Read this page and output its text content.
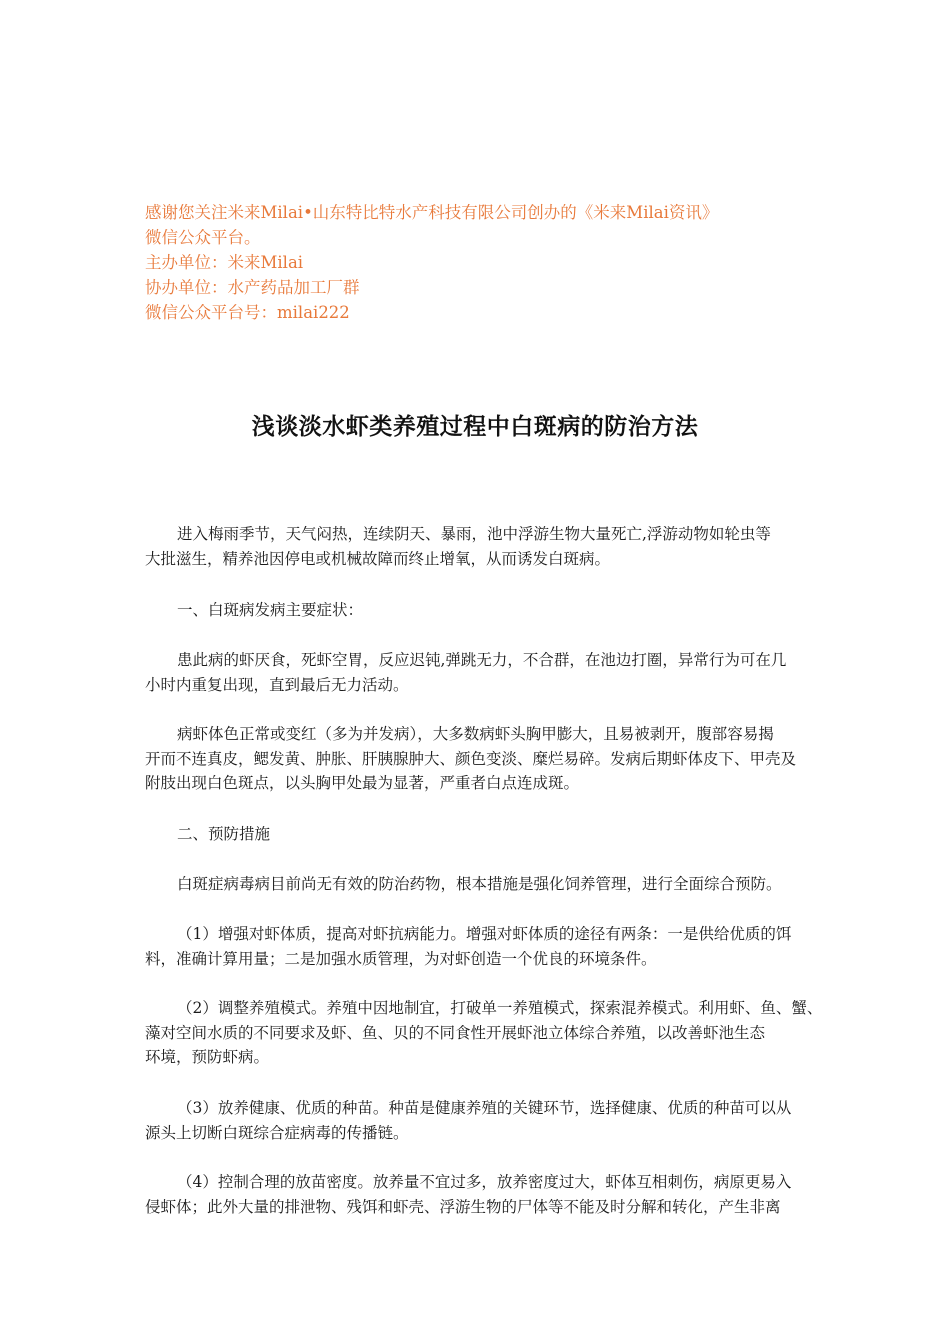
感谢您关注米来Milai•山东特比特水产科技有限公司创办的《米来Milai资讯》
微信公众平台。
主办单位：米来Milai
协办单位：水产药品加工厂群
微信公众平台号：milai222
浅谈淡水虾类养殖过程中白斑病的防治方法
进入梅雨季节，天气闷热，连续阴天、暴雨，池中浮游生物大量死亡,浮游动物如轮虫等
大批滋生，精养池因停电或机械故障而终止增氧，从而诱发白斑病。
一、白斑病发病主要症状：
患此病的虾厌食，死虾空胃，反应迟钝,弹跳无力，不合群，在池边打圈，异常行为可在几
小时内重复出现，直到最后无力活动。
病虾体色正常或变红（多为并发病），大多数病虾头胸甲膨大，且易被剥开，腹部容易揭
开而不连真皮，鳃发黄、肿胀、肝胰腺肿大、颜色变淡、糜烂易碎。发病后期虾体皮下、甲壳及
附肢出现白色斑点，以头胸甲处最为显著，严重者白点连成斑。
二、预防措施
白斑症病毒病目前尚无有效的防治药物，根本措施是强化饲养管理，进行全面综合预防。
（1）增强对虾体质，提高对虾抗病能力。增强对虾体质的途径有两条：一是供给优质的饵
料，准确计算用量；二是加强水质管理，为对虾创造一个优良的环境条件。
（2）调整养殖模式。养殖中因地制宜，打破单一养殖模式，探索混养模式。利用虾、鱼、蟹、
藻对空间水质的不同要求及虾、鱼、贝的不同食性开展虾池立体综合养殖，以改善虾池生态
环境，预防虾病。
（3）放养健康、优质的种苗。种苗是健康养殖的关键环节，选择健康、优质的种苗可以从
源头上切断白斑综合症病毒的传播链。
（4）控制合理的放苗密度。放养量不宜过多，放养密度过大，虾体互相刺伤，病原更易入
侵虾体；此外大量的排泄物、残饵和虾壳、浮游生物的尸体等不能及时分解和转化，产生非离
